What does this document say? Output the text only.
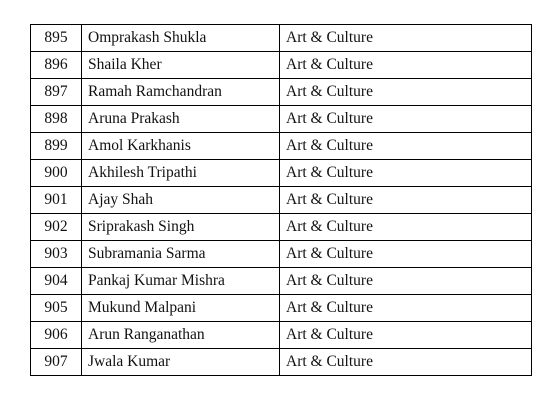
895	Omprakash Shukla	Art & Culture
896	Shaila Kher	Art & Culture
897	Ramah Ramchandran	Art & Culture
898	Aruna Prakash	Art & Culture
899	Amol Karkhanis	Art & Culture
900	Akhilesh Tripathi	Art & Culture
901	Ajay Shah	Art & Culture
902	Sriprakash Singh	Art & Culture
903	Subramania Sarma	Art & Culture
904	Pankaj Kumar Mishra	Art & Culture
905	Mukund Malpani	Art & Culture
906	Arun Ranganathan	Art & Culture
907	Jwala Kumar	Art & Culture
